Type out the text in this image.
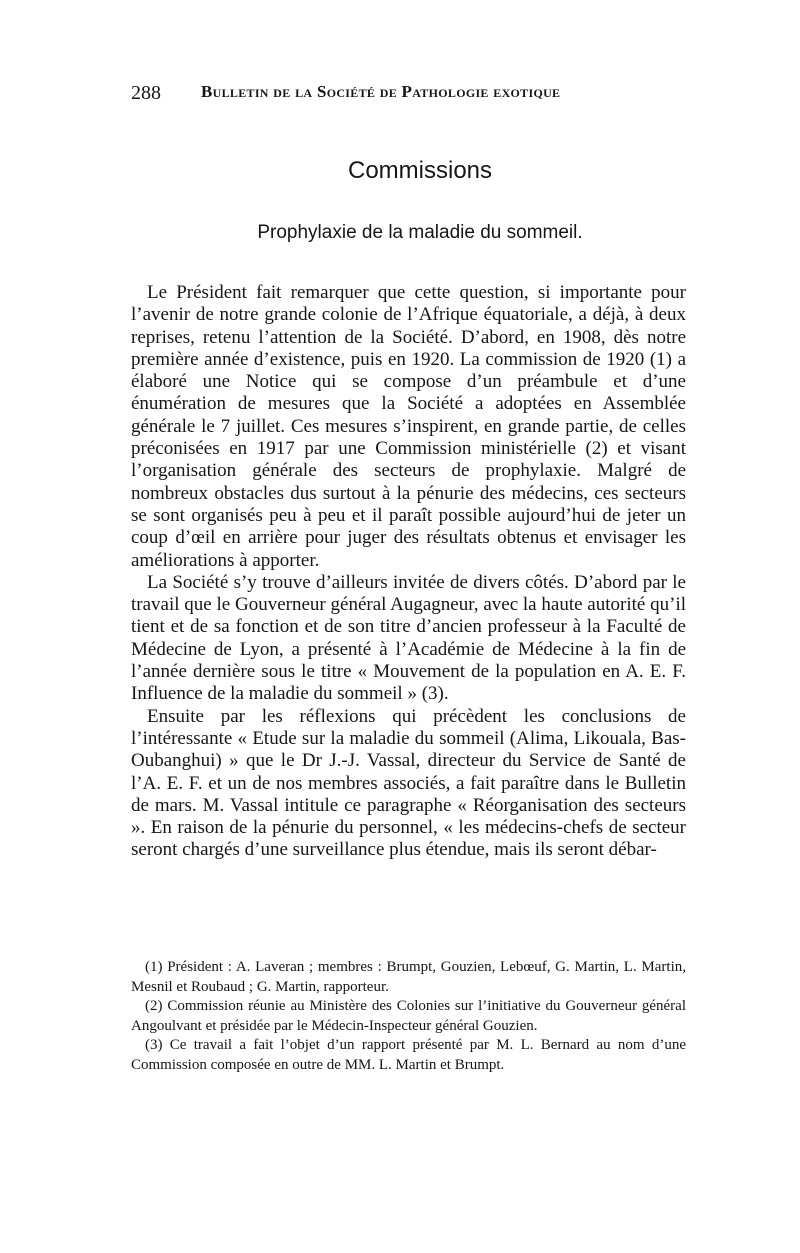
288 Bulletin de la Société de Pathologie exotique
Commissions
Prophylaxie de la maladie du sommeil.

Le Président fait remarquer que cette question, si importante pour l’avenir de notre grande colonie de l’Afrique équatoriale, a déjà, à deux reprises, retenu l’attention de la Société. D’abord, en 1908, dès notre première année d’existence, puis en 1920. La commission de 1920 (1) a élaboré une Notice qui se compose d’un préambule et d’une énumération de mesures que la Société a adoptées en Assemblée générale le 7 juillet. Ces mesures s’inspirent, en grande partie, de celles préconisées en 1917 par une Commission ministérielle (2) et visant l’organisation générale des secteurs de prophylaxie. Malgré de nombreux obstacles dus surtout à la pénurie des médecins, ces secteurs se sont organisés peu à peu et il paraît possible aujourd’hui de jeter un coup d’œil en arrière pour juger des résultats obtenus et envisager les améliorations à apporter.

La Société s’y trouve d’ailleurs invitée de divers côtés. D’abord par le travail que le Gouverneur général Augagneur, avec la haute autorité qu’il tient et de sa fonction et de son titre d’ancien professeur à la Faculté de Médecine de Lyon, a présenté à l’Académie de Médecine à la fin de l’année dernière sous le titre « Mouvement de la population en A. E. F. Influence de la maladie du sommeil » (3).

Ensuite par les réflexions qui précèdent les conclusions de l’intéressante « Etude sur la maladie du sommeil (Alima, Likouala, Bas-Oubanghui) » que le Dr J.-J. Vassal, directeur du Service de Santé de l’A. E. F. et un de nos membres associés, a fait paraître dans le Bulletin de mars. M. Vassal intitule ce paragraphe « Réorganisation des secteurs ». En raison de la pénurie du personnel, « les médecins-chefs de secteur seront chargés d’une surveillance plus étendue, mais ils seront débar-

(1) Président : A. Laveran ; membres : Brumpt, Gouzien, Lebœuf, G. Martin, L. Martin, Mesnil et Roubaud ; G. Martin, rapporteur.

(2) Commission réunie au Ministère des Colonies sur l’initiative du Gouverneur général Angoulvant et présidée par le Médecin-Inspecteur général Gouzien.

(3) Ce travail a fait l’objet d’un rapport présenté par M. L. Bernard au nom d’une Commission composée en outre de MM. L. Martin et Brumpt.
